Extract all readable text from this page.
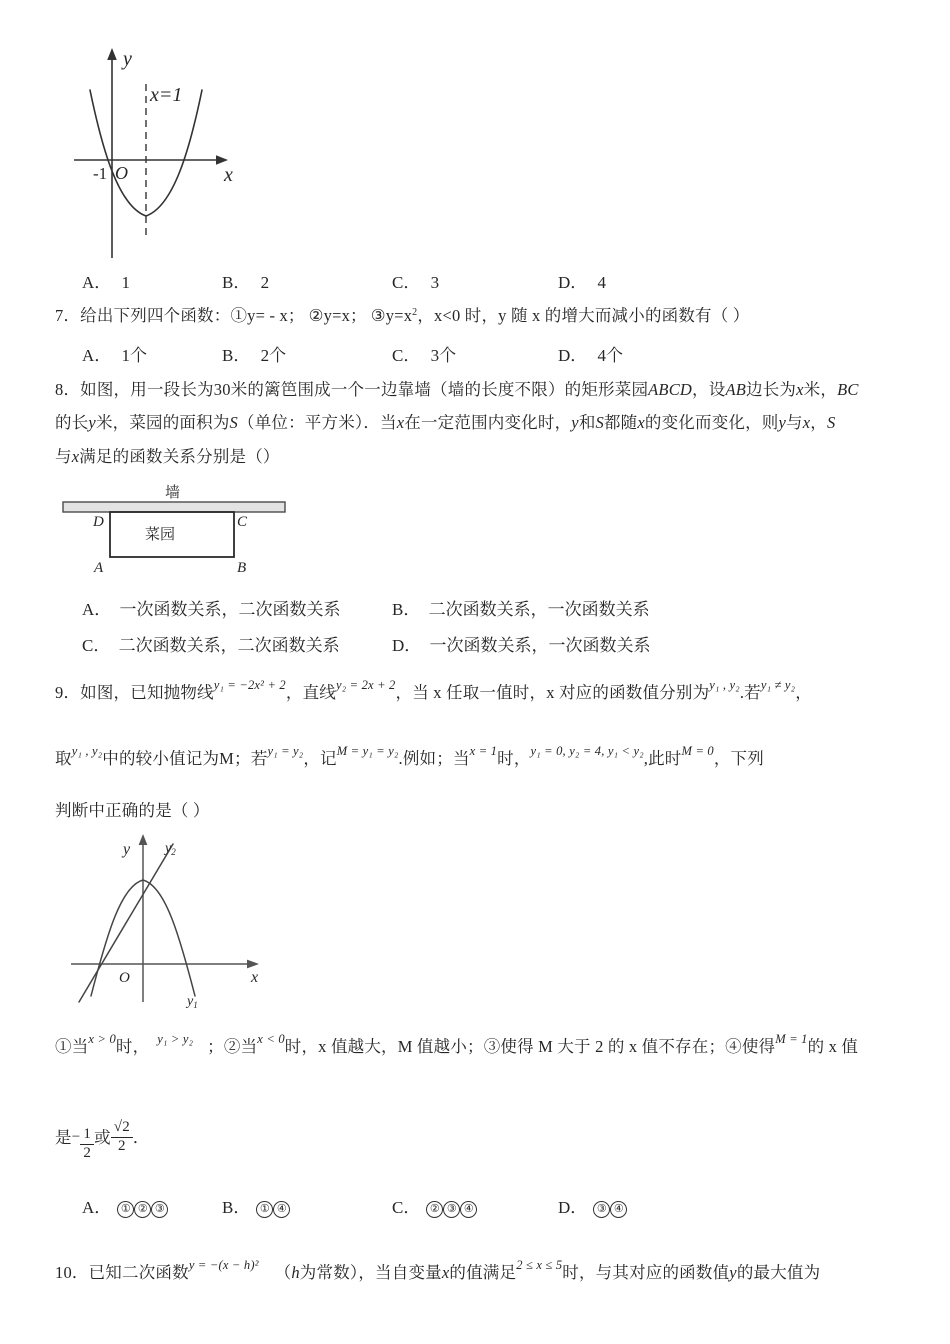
y
x
-1 O
x=1
A． 1	B． 2	C． 3	D． 4
7．给出下列四个函数：①y= - x； ②y=x； $③y=x^2$，x<0 时，y 随 x 的增大而减小的函数有（ ）
A． 1个	B． 2个	C． 3个	D． 4个
8．如图，用一段长为30米的篱笆围成一个一边靠墙（墙的长度不限）的矩形菜园ABCD，设AB边长为x米，BC
的长y米，菜园的面积为S（单位：平方米）．当x在一定范围内变化时，y和S都随x的变化而变化，则y与x，S
与x满足的函数关系分别是（）
墙
菜园
D	C
A	B
A． 一次函数关系，二次函数关系	B． 二次函数关系，一次函数关系
C． 二次函数关系，二次函数关系	D． 一次函数关系，一次函数关系
9．如图，已知抛物线$^{y_1 = -2x^2 + 2}$，直线$^{y_2 = 2x + 2}$，当 x 任取一值时，x 对应的函数值分别为$^{y_1 , y_2}$.若$^{y_1 \ne y_2}$，
取$^{y_1 , y_2}$中的较小值记为M；若$^{y_1 = y_2}$，记$^{M = y_1 = y_2}$.例如；当$^{x = 1}$时，$^{y_1 = 0, y_2 = 4, y_1 < y_2}$,此时$^{M = 0}$，下列
判断中正确的是（ ）
y
x
O
$y_2$
$y_1$
①当$^{x > 0}$时， $^{y_1 > y_2}$ ；②当$^{x < 0}$时，x 值越大，M 值越小；③使得 M 大于 2 的 x 值不存在；④使得$^{M = 1}$的 x 值
是− $\frac{1}{2}$ 或 $\frac{√2}{2}$ ．
A． ① ② ③	B． ① ④	C． ② ③ ④	D． ③ ④
10．已知二次函数$^{y = -(x - h)^2}$ （h为常数），当自变量x的值满足$^{2 \le x \le 5}$时，与其对应的函数值y的最大值为
